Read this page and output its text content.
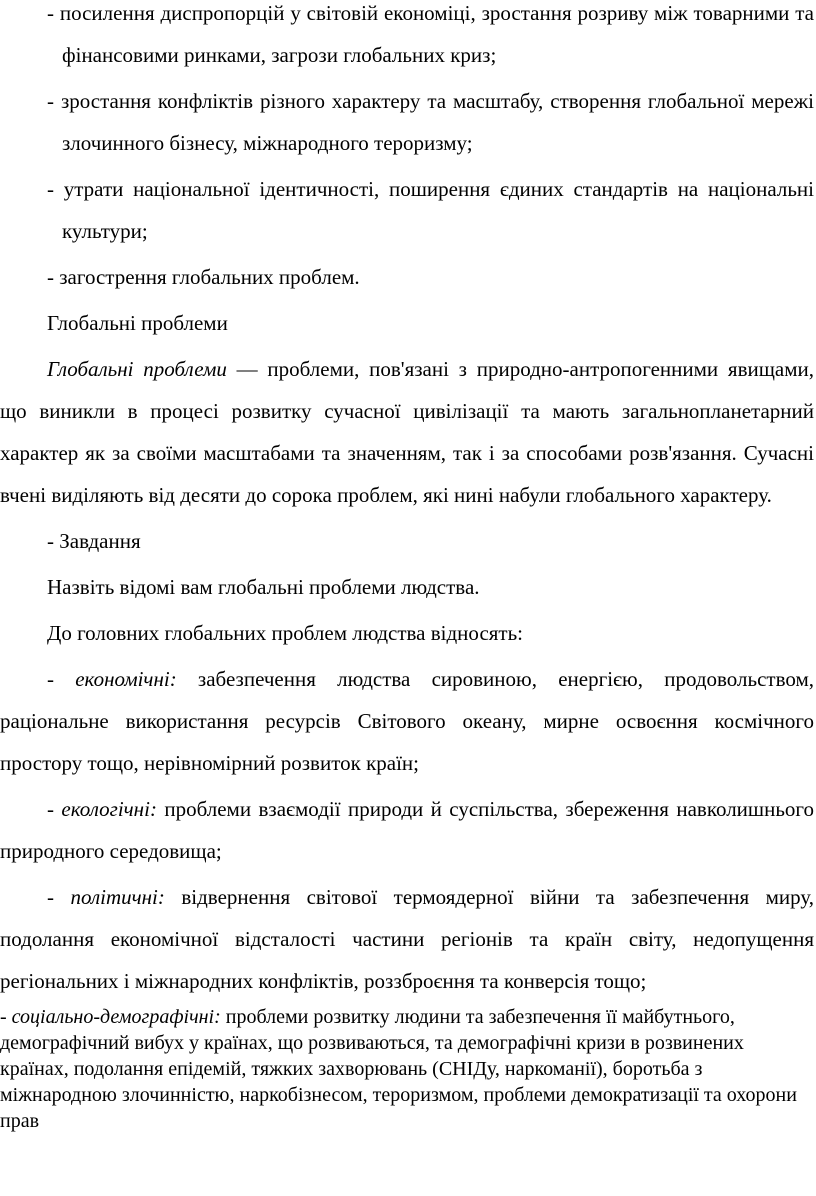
- посилення диспропорцій у світовій економіці, зростання розриву між товарними та фінансовими ринками, загрози глобальних криз;

- зростання конфліктів різного характеру та масштабу, створення глобальної мережі злочинного бізнесу, міжнародного тероризму;

- утрати національної ідентичності, поширення єдиних стандартів на національні культури;

- загострення глобальних проблем.

Глобальні проблеми

Глобальні проблеми — проблеми, пов'язані з природно-антропогенними явищами, що виникли в процесі розвитку сучасної цивілізації та мають загальнопланетарний характер як за своїми масштабами та значенням, так і за способами розв'язання. Сучасні вчені виділяють від десяти до сорока проблем, які нині набули глобального характеру.

- Завдання

Назвіть відомі вам глобальні проблеми людства.

До головних глобальних проблем людства відносять:

- економічні: забезпечення людства сировиною, енергією, продовольством, раціональне використання ресурсів Світового океану, мирне освоєння космічного простору тощо, нерівномірний розвиток країн;

- екологічні: проблеми взаємодії природи й суспільства, збереження навколишнього природного середовища;

- політичні: відвернення світової термоядерної війни та забезпечення миру, подолання економічної відсталості частини регіонів та країн світу, недопущення регіональних і міжнародних конфліктів, роззброєння та конверсія тощо;

- соціально-демографічні: проблеми розвитку людини та забезпечення її майбутнього, демографічний вибух у країнах, що розвиваються, та демографічні кризи в розвинених країнах, подолання епідемій, тяжких захворювань (СНІДу, наркоманії), боротьба з міжнародною злочинністю, наркобізнесом, тероризмом, проблеми демократизації та охорони прав
